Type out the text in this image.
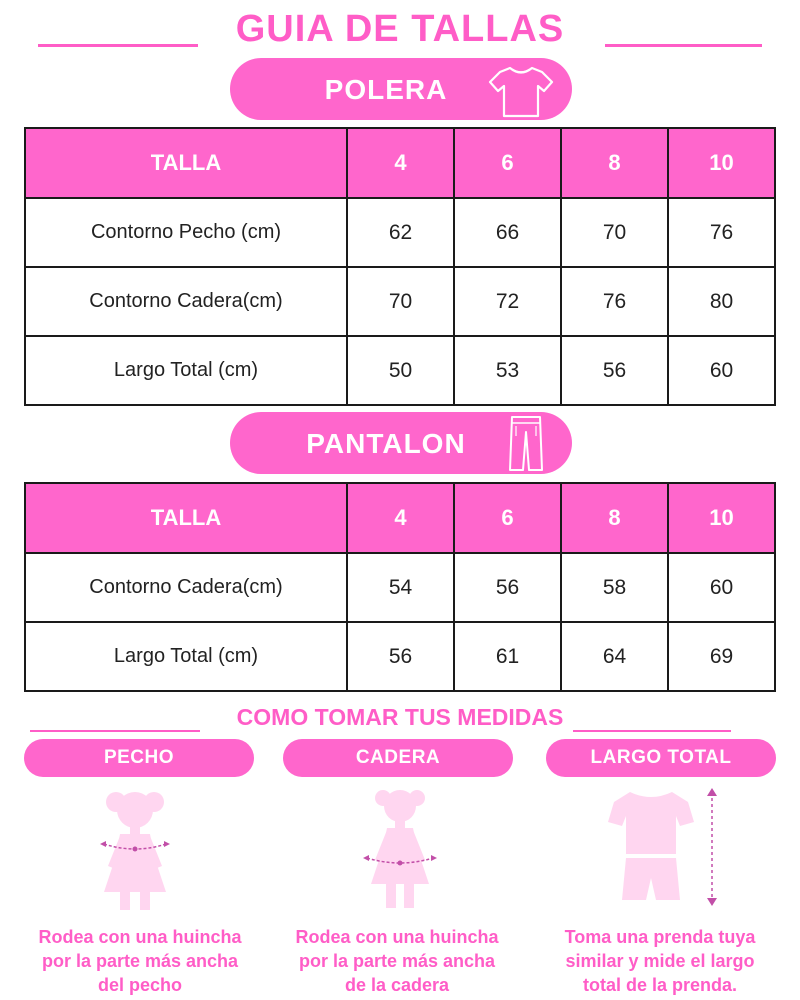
GUIA DE TALLAS
POLERA
TALLA	4	6	8	10
Contorno Pecho (cm)	62	66	70	76
Contorno Cadera(cm)	70	72	76	80
Largo Total (cm)	50	53	56	60
PANTALON
TALLA	4	6	8	10
Contorno Cadera(cm)	54	56	58	60
Largo Total (cm)	56	61	64	69
COMO TOMAR TUS MEDIDAS
PECHO	CADERA	LARGO TOTAL
Rodea con una huincha
por la parte más ancha
del pecho
Rodea con una huincha
por la parte más ancha
de la cadera
Toma una prenda tuya
similar y mide el largo
total de la prenda.
